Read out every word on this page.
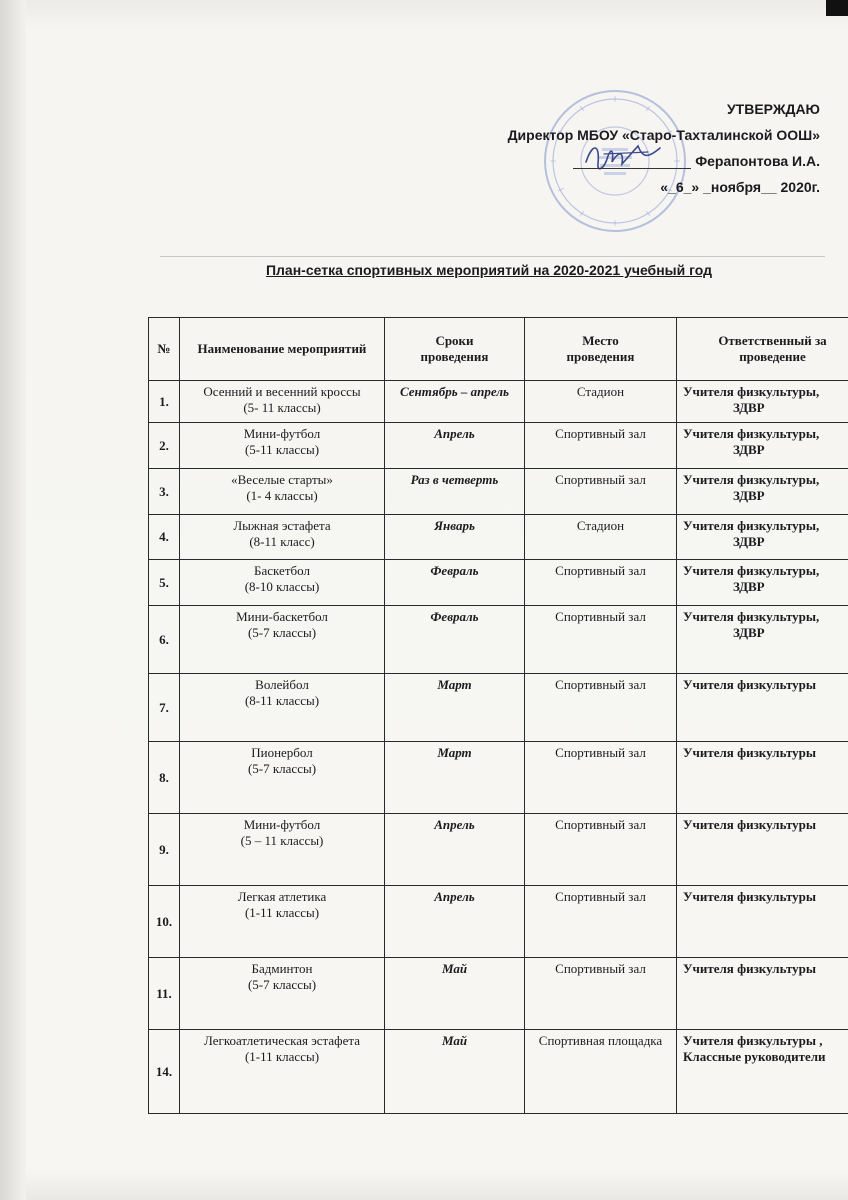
УТВЕРЖДАЮ
Директор МБОУ «Старо-Тахталинской ООШ»
Ферапонтова И.А.
«_6_» _ноября__ 2020г.
План-сетка спортивных мероприятий на 2020-2021 учебный год
№	Наименование мероприятий	Сроки
проведения	Место
проведения	Ответственный за
проведение

1.	Осенний и весенний кроссы
(5- 11 классы)	Сентябрь – апрель	Стадион	Учителя физкультуры,
ЗДВР

2.	Мини-футбол
(5-11 классы)	Апрель	Спортивный зал	Учителя физкультуры,
ЗДВР

3.	«Веселые старты»
(1- 4 классы)	Раз в четверть	Спортивный зал	Учителя физкультуры,
ЗДВР

4.	Лыжная эстафета
(8-11 класс)	Январь	Стадион	Учителя физкультуры,
ЗДВР

5.	Баскетбол
(8-10 классы)	Февраль	Спортивный зал	Учителя физкультуры,
ЗДВР

6.	Мини-баскетбол
(5-7 классы)	Февраль	Спортивный зал	Учителя физкультуры,
ЗДВР

7.	Волейбол
(8-11 классы)	Март	Спортивный зал	Учителя физкультуры

8.	Пионербол
(5-7 классы)	Март	Спортивный зал	Учителя физкультуры

9.	Мини-футбол
(5 – 11 классы)	Апрель	Спортивный зал	Учителя физкультуры

10.	Легкая атлетика
(1-11 классы)	Апрель	Спортивный зал	Учителя физкультуры

11.	Бадминтон
(5-7 классы)	Май	Спортивный зал	Учителя физкультуры

14.	Легкоатлетическая эстафета
(1-11 классы)	Май	Спортивная площадка	Учителя физкультуры ,
Классные руководители
